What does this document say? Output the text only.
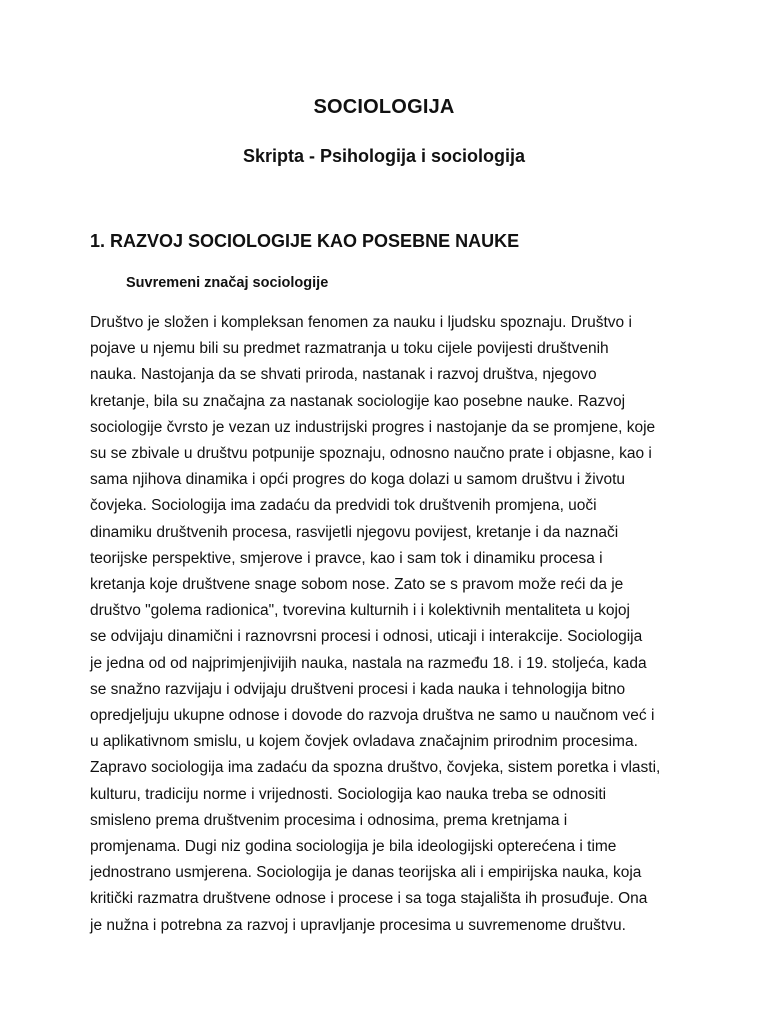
SOCIOLOGIJA
Skripta - Psihologija i sociologija
1. RAZVOJ SOCIOLOGIJE KAO POSEBNE NAUKE
Suvremeni značaj sociologije

Društvo je složen i kompleksan fenomen za nauku i ljudsku spoznaju. Društvo i
pojave u njemu bili su predmet razmatranja u toku cijele povijesti društvenih
nauka. Nastojanja da se shvati priroda, nastanak i razvoj društva, njegovo
kretanje, bila su značajna za nastanak sociologije kao posebne nauke. Razvoj
sociologije čvrsto je vezan uz industrijski progres i nastojanje da se promjene, koje
su se zbivale u društvu potpunije spoznaju, odnosno naučno prate i objasne, kao i
sama njihova dinamika i opći progres do koga dolazi u samom društvu i životu
čovjeka. Sociologija ima zadaću da predvidi tok društvenih promjena, uoči
dinamiku društvenih procesa, rasvijetli njegovu povijest, kretanje i da naznači
teorijske perspektive, smjerove i pravce, kao i sam tok i dinamiku procesa i
kretanja koje društvene snage sobom nose. Zato se s pravom može reći da je
društvo "golema radionica", tvorevina kulturnih i i kolektivnih mentaliteta u kojoj
se odvijaju dinamični i raznovrsni procesi i odnosi, uticaji i interakcije. Sociologija
je jedna od od najprimjenjivijih nauka, nastala na razmeđu 18. i 19. stoljeća, kada
se snažno razvijaju i odvijaju društveni procesi i kada nauka i tehnologija bitno
opredjeljuju ukupne odnose i dovode do razvoja društva ne samo u naučnom već i
u aplikativnom smislu, u kojem čovjek ovladava značajnim prirodnim procesima.
Zapravo sociologija ima zadaću da spozna društvo, čovjeka, sistem poretka i vlasti,
kulturu, tradiciju norme i vrijednosti. Sociologija kao nauka treba se odnositi
smisleno prema društvenim procesima i odnosima, prema kretnjama i
promjenama. Dugi niz godina sociologija je bila ideologijski opterećena i time
jednostrano usmjerena. Sociologija je danas teorijska ali i empirijska nauka, koja
kritički razmatra društvene odnose i procese i sa toga stajališta ih prosuđuje. Ona
je nužna i potrebna za razvoj i upravljanje procesima u suvremenome društvu.
